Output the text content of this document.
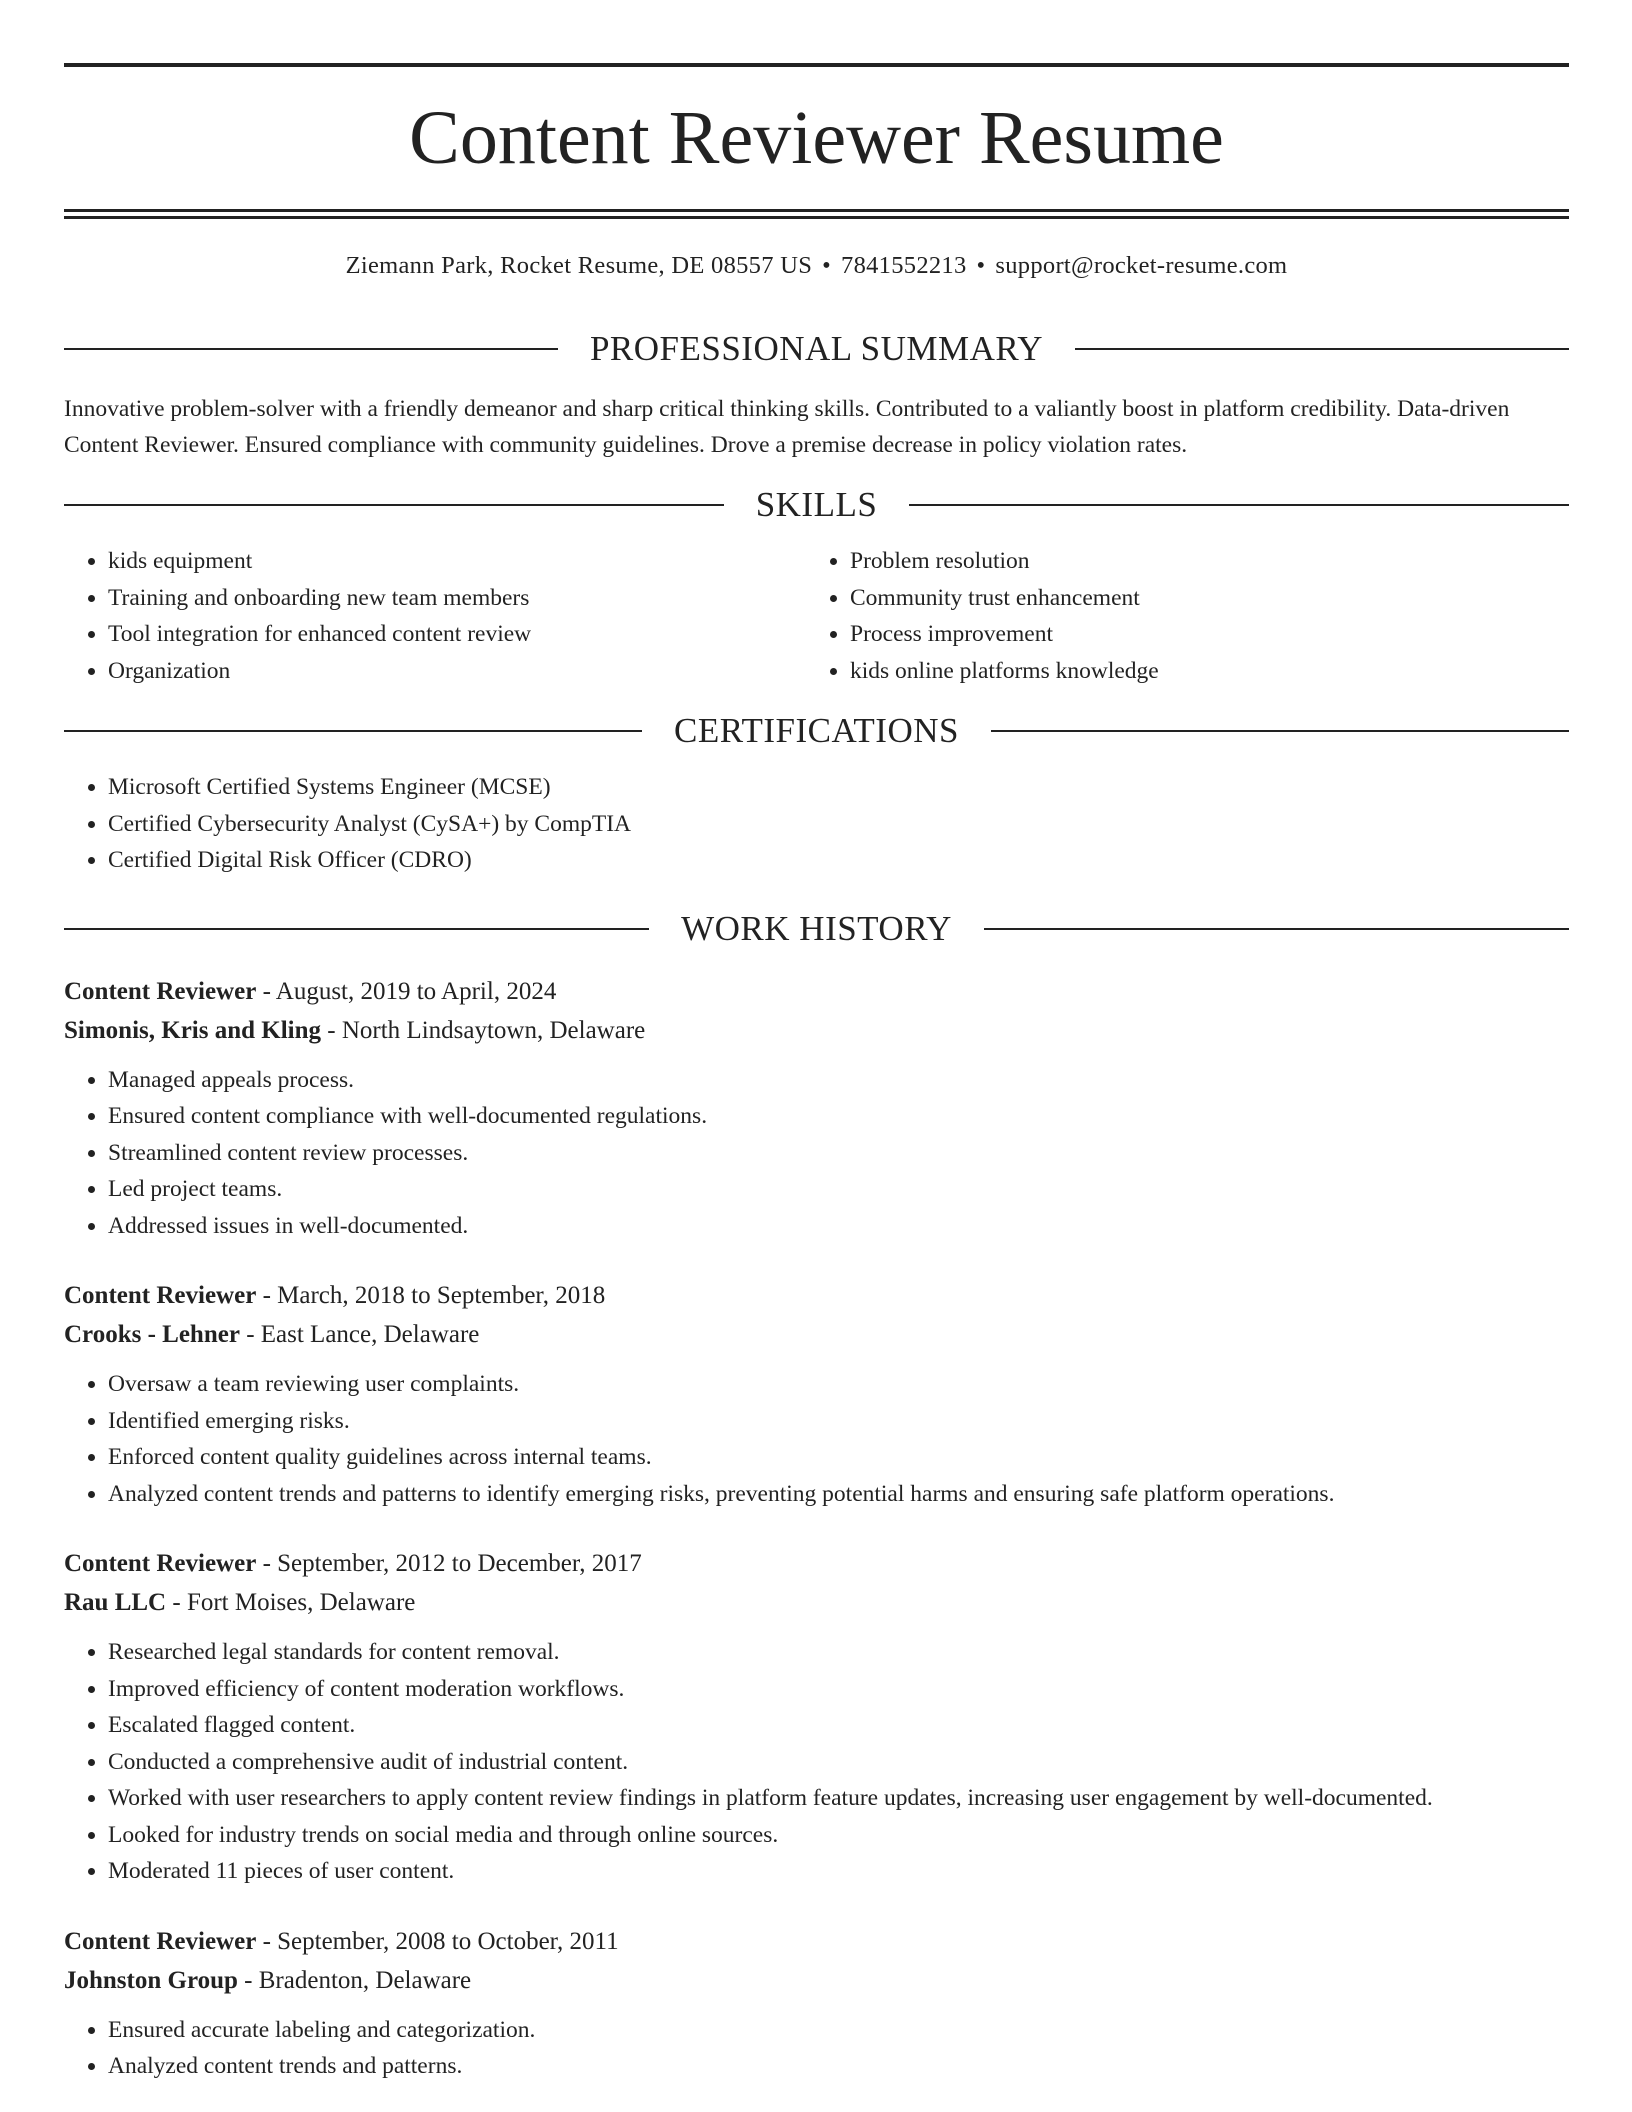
Content Reviewer Resume
Ziemann Park, Rocket Resume, DE 08557 US • 7841552213 • support@rocket-resume.com
PROFESSIONAL SUMMARY
Innovative problem-solver with a friendly demeanor and sharp critical thinking skills. Contributed to a valiantly boost in platform credibility. Data-driven Content Reviewer. Ensured compliance with community guidelines. Drove a premise decrease in policy violation rates.
SKILLS
• kids equipment
• Training and onboarding new team members
• Tool integration for enhanced content review
• Organization
• Problem resolution
• Community trust enhancement
• Process improvement
• kids online platforms knowledge
CERTIFICATIONS
• Microsoft Certified Systems Engineer (MCSE)
• Certified Cybersecurity Analyst (CySA+) by CompTIA
• Certified Digital Risk Officer (CDRO)
WORK HISTORY
Content Reviewer - August, 2019 to April, 2024
Simonis, Kris and Kling - North Lindsaytown, Delaware
• Managed appeals process.
• Ensured content compliance with well-documented regulations.
• Streamlined content review processes.
• Led project teams.
• Addressed issues in well-documented.
Content Reviewer - March, 2018 to September, 2018
Crooks - Lehner - East Lance, Delaware
• Oversaw a team reviewing user complaints.
• Identified emerging risks.
• Enforced content quality guidelines across internal teams.
• Analyzed content trends and patterns to identify emerging risks, preventing potential harms and ensuring safe platform operations.
Content Reviewer - September, 2012 to December, 2017
Rau LLC - Fort Moises, Delaware
• Researched legal standards for content removal.
• Improved efficiency of content moderation workflows.
• Escalated flagged content.
• Conducted a comprehensive audit of industrial content.
• Worked with user researchers to apply content review findings in platform feature updates, increasing user engagement by well-documented.
• Looked for industry trends on social media and through online sources.
• Moderated 11 pieces of user content.
Content Reviewer - September, 2008 to October, 2011
Johnston Group - Bradenton, Delaware
• Ensured accurate labeling and categorization.
• Analyzed content trends and patterns.
